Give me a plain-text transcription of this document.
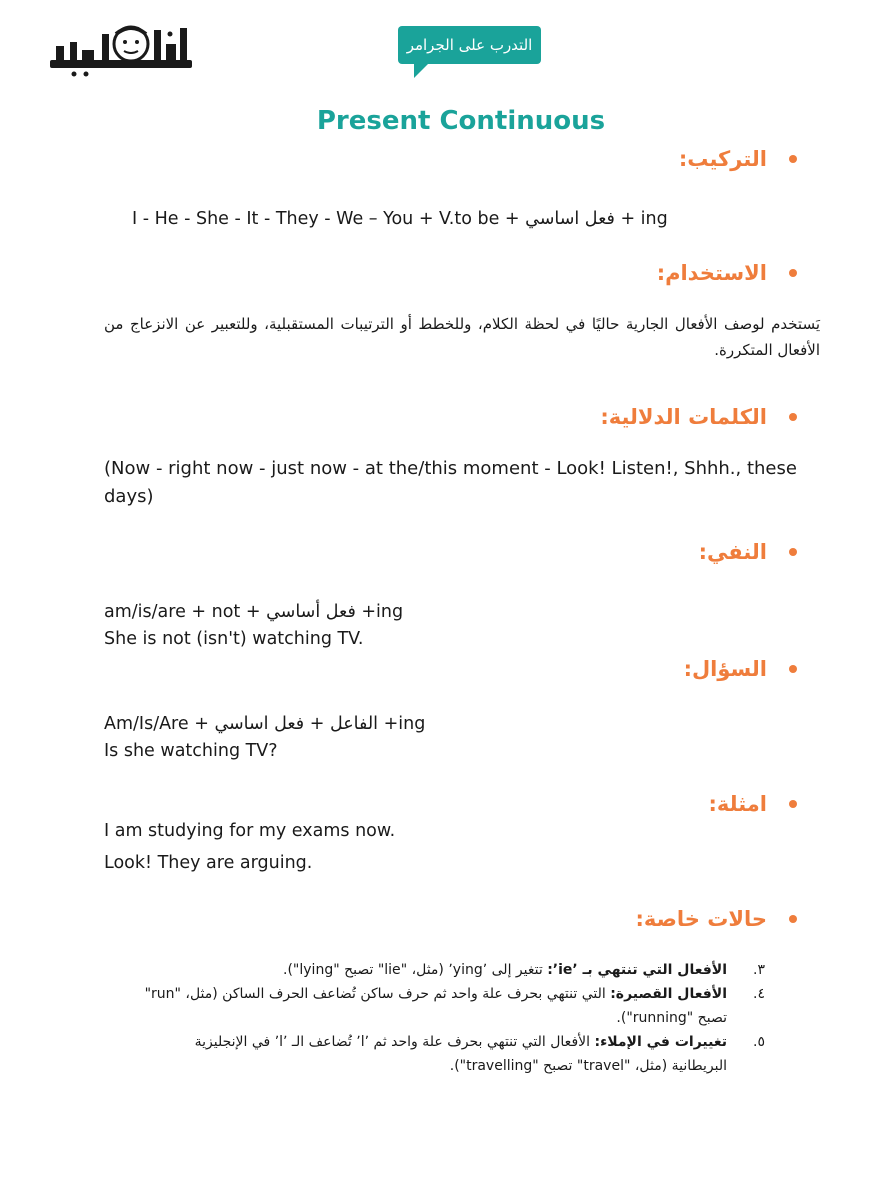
التدرب على الجرامر
Present Continuous
التركيب:
I - He - She - It - They - We – You + V.to be + فعل اساسي + ing
الاستخدام:
يَستخدم لوصف الأفعال الجارية حاليًا في لحظة الكلام، وللخطط أو الترتيبات المستقبلية، وللتعبير عن الانزعاج من الأفعال المتكررة.
الكلمات الدلالية:
(Now - right now - just now - at the/this moment - Look! Listen!, Shhh., these days)
النفي:
am/is/are + not + فعل أساسي +ing
She is not (isn't) watching TV.
السؤال:
Am/Is/Are + الفاعل + فعل اساسي +ing
Is she watching TV?
امثلة:
I am studying for my exams now.
Look! They are arguing.
حالات خاصة:
٣.
الأفعال التي تنتهي بـ ʼieʼ: تتغير إلى ʼyingʼ (مثل، "lie" تصبح "lying").
٤.
الأفعال القصيرة: التي تنتهي بحرف علة واحد ثم حرف ساكن تُضاعف الحرف الساكن (مثل، "run" تصبح "running").
٥.
تغييرات في الإملاء: الأفعال التي تنتهي بحرف علة واحد ثم ʼlʼ تُضاعف الـ ʼlʼ في الإنجليزية البريطانية (مثل، "travel" تصبح "travelling").
